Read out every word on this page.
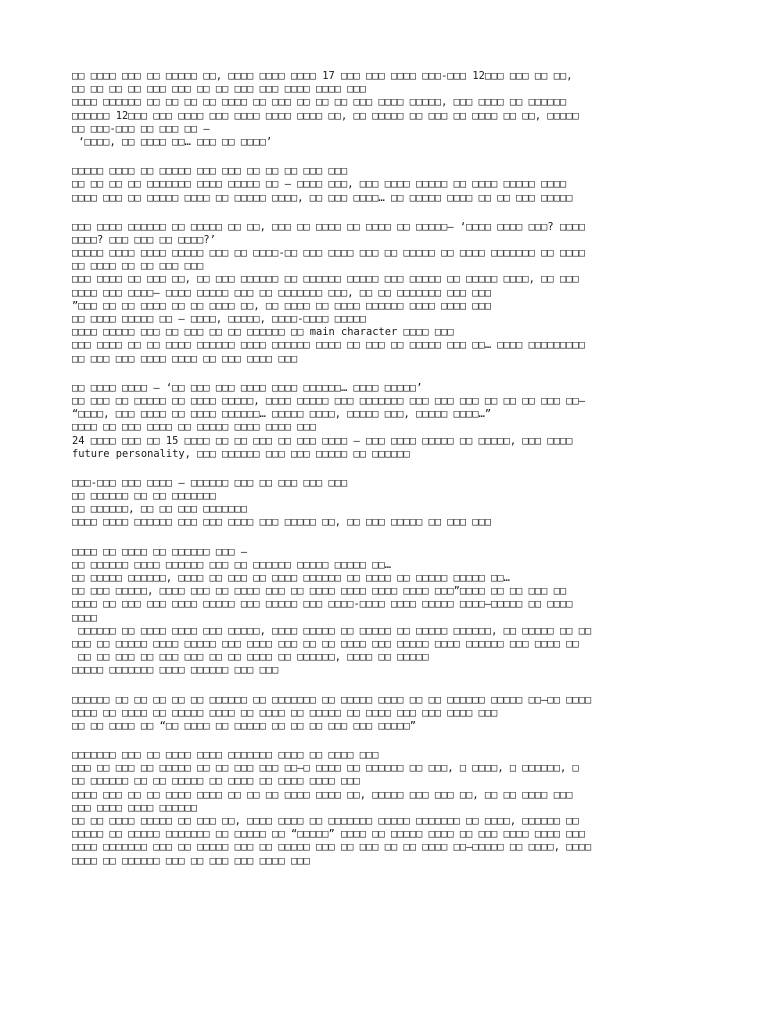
□□ □□□□ □□□ □□ □□□□□ □□, □□□□ □□□□ □□□□ 17 □□□ □□□ □□□□ □□□-□□□ 12□□□ □□□ □□ □□,
□□ □□ □□ □□ □□□ □□□ □□ □□ □□□ □□□ □□□□ □□□□ □□□
□□□□ □□□□□□ □□ □□ □□ □□ □□□□ □□ □□□ □□ □□ □□ □□□ □□□□ □□□□□, □□□ □□□□ □□ □□□□□□
□□□□□□ 12□□□ □□□ □□□□ □□□ □□□□ □□□□ □□□□ □□, □□ □□□□□ □□ □□□ □□ □□□□ □□ □□, □□□□□
□□ □□□-□□□ □□ □□□ □□ —
‘□□□□, □□ □□□□ □□… □□□ □□ □□□□’
□□□□□ □□□□ □□ □□□□□ □□□ □□□ □□ □□ □□ □□□ □□□
□□ □□ □□ □□ □□□□□□□ □□□□ □□□□□ □□ — □□□□ □□□, □□□ □□□□ □□□□□ □□ □□□□ □□□□□ □□□□
□□□□ □□□ □□ □□□□□ □□□□ □□ □□□□□ □□□□, □□ □□□ □□□□… □□ □□□□□ □□□□ □□ □□ □□□ □□□□□
□□□ □□□□ □□□□□□ □□ □□□□□ □□ □□, □□□ □□ □□□□ □□ □□□□ □□ □□□□□— ‘□□□□ □□□□ □□□? □□□□
□□□□? □□□ □□□ □□ □□□□?’
□□□□□ □□□□ □□□□ □□□□□ □□□ □□ □□□□-□□ □□□ □□□□ □□□ □□ □□□□□ □□ □□□□ □□□□□□□ □□ □□□□
□□ □□□□ □□ □□ □□□ □□□
□□□ □□□□ □□ □□□ □□, □□ □□□ □□□□□□ □□ □□□□□□ □□□□□ □□□ □□□□□ □□ □□□□□ □□□□, □□ □□□
□□□□ □□□ □□□□— □□□□ □□□□□ □□□ □□ □□□□□□□ □□□, □□ □□ □□□□□□□ □□□ □□□
”□□□ □□ □□ □□□□ □□ □□ □□□□ □□, □□ □□□□ □□ □□□□ □□□□□□ □□□□ □□□□ □□□
□□ □□□□ □□□□□ □□ — □□□□, □□□□□, □□□□-□□□□ □□□□□
□□□□ □□□□□ □□□ □□ □□□ □□ □□ □□□□□□ □□ main character □□□□ □□□
□□□ □□□□ □□ □□ □□□□ □□□□□□ □□□□ □□□□□□ □□□□ □□ □□□ □□ □□□□□ □□□ □□… □□□□ □□□□□□□□□
□□ □□□ □□□ □□□□ □□□□ □□ □□□ □□□□ □□□
□□ □□□□ □□□□ — ‘□□ □□□ □□□ □□□□ □□□□ □□□□□□… □□□□ □□□□□’
□□ □□□ □□ □□□□□ □□ □□□□ □□□□□, □□□□ □□□□□ □□□ □□□□□□□ □□□ □□□ □□□ □□ □□ □□ □□□ □□—
“□□□□, □□□ □□□□ □□ □□□□ □□□□□□… □□□□□ □□□□, □□□□□ □□□, □□□□□ □□□□…”
□□□□ □□ □□□ □□□□ □□ □□□□□ □□□□ □□□□ □□□
24 □□□□ □□□ □□ 15 □□□□ □□ □□ □□□ □□ □□□ □□□□ — □□□ □□□□ □□□□□ □□ □□□□□, □□□ □□□□
future personality, □□□ □□□□□□ □□□ □□□ □□□□□ □□ □□□□□□
□□□-□□□ □□□ □□□□ — □□□□□□ □□□ □□ □□□ □□□ □□□
□□ □□□□□□ □□ □□ □□□□□□□
□□ □□□□□□, □□ □□ □□□ □□□□□□□
□□□□ □□□□ □□□□□□ □□□ □□□ □□□□ □□□ □□□□□ □□, □□ □□□ □□□□□ □□ □□□ □□□
□□□□ □□ □□□□ □□ □□□□□□ □□□ —
□□ □□□□□□ □□□□ □□□□□□ □□□ □□ □□□□□□ □□□□□ □□□□□ □□…
□□ □□□□□ □□□□□□, □□□□ □□ □□□ □□ □□□□ □□□□□□ □□ □□□□ □□ □□□□□ □□□□□ □□…
□□ □□□ □□□□□, □□□□ □□□ □□ □□□□ □□□ □□ □□□□ □□□□ □□□□ □□□□ □□□”□□□□ □□ □□ □□□ □□
□□□□ □□ □□□ □□□ □□□□ □□□□□ □□□ □□□□□ □□□ □□□□-□□□□ □□□□ □□□□□ □□□□—□□□□□ □□ □□□□
□□□□
□□□□□□ □□ □□□□ □□□□ □□□ □□□□□, □□□□ □□□□□ □□ □□□□□ □□ □□□□□ □□□□□□, □□ □□□□□ □□ □□
□□□ □□ □□□□□ □□□□ □□□□□ □□□ □□□□ □□□ □□ □□ □□□□ □□□ □□□□□ □□□□ □□□□□□ □□□ □□□□ □□
□□ □□ □□□ □□ □□□ □□□ □□ □□ □□□□ □□ □□□□□□, □□□□ □□ □□□□□
□□□□□ □□□□□□□ □□□□ □□□□□□ □□□ □□□
□□□□□□ □□ □□ □□ □□ □□ □□□□□□ □□ □□□□□□□ □□ □□□□□ □□□□ □□ □□ □□□□□□ □□□□□ □□—□□ □□□□
□□□□ □□ □□□□ □□ □□□□□ □□□□ □□ □□□□ □□ □□□□□ □□ □□□□ □□□ □□□ □□□□ □□□
□□ □□ □□□□ □□ “□□ □□□□ □□ □□□□□ □□ □□ □□ □□□ □□□ □□□□□”
□□□□□□□ □□□ □□ □□□□ □□□□ □□□□□□□ □□□□ □□ □□□□ □□□
□□□ □□ □□□ □□ □□□□□ □□ □□ □□□ □□□ □□—□ □□□□ □□ □□□□□□ □□ □□□, □ □□□□, □ □□□□□□, □
□□ □□□□□□ □□ □□ □□□□□ □□ □□□□ □□ □□□□ □□□□ □□□
□□□□ □□□ □□ □□ □□□□ □□□□ □□ □□ □□ □□□□ □□□□ □□, □□□□□ □□□ □□□ □□, □□ □□ □□□□ □□□
□□□ □□□□ □□□□ □□□□□□
□□ □□ □□□□ □□□□□ □□ □□□ □□, □□□□ □□□□ □□ □□□□□□□ □□□□□ □□□□□□□ □□ □□□□, □□□□□□ □□
□□□□□ □□ □□□□□ □□□□□□□ □□ □□□□□ □□ “□□□□□” □□□□ □□ □□□□□ □□□□ □□ □□□ □□□□ □□□□ □□□
□□□□ □□□□□□□ □□□ □□ □□□□□ □□□ □□ □□□□□ □□□ □□ □□□ □□ □□ □□□□ □□—□□□□□ □□ □□□□, □□□□
□□□□ □□ □□□□□□ □□□ □□ □□□ □□□ □□□□ □□□
